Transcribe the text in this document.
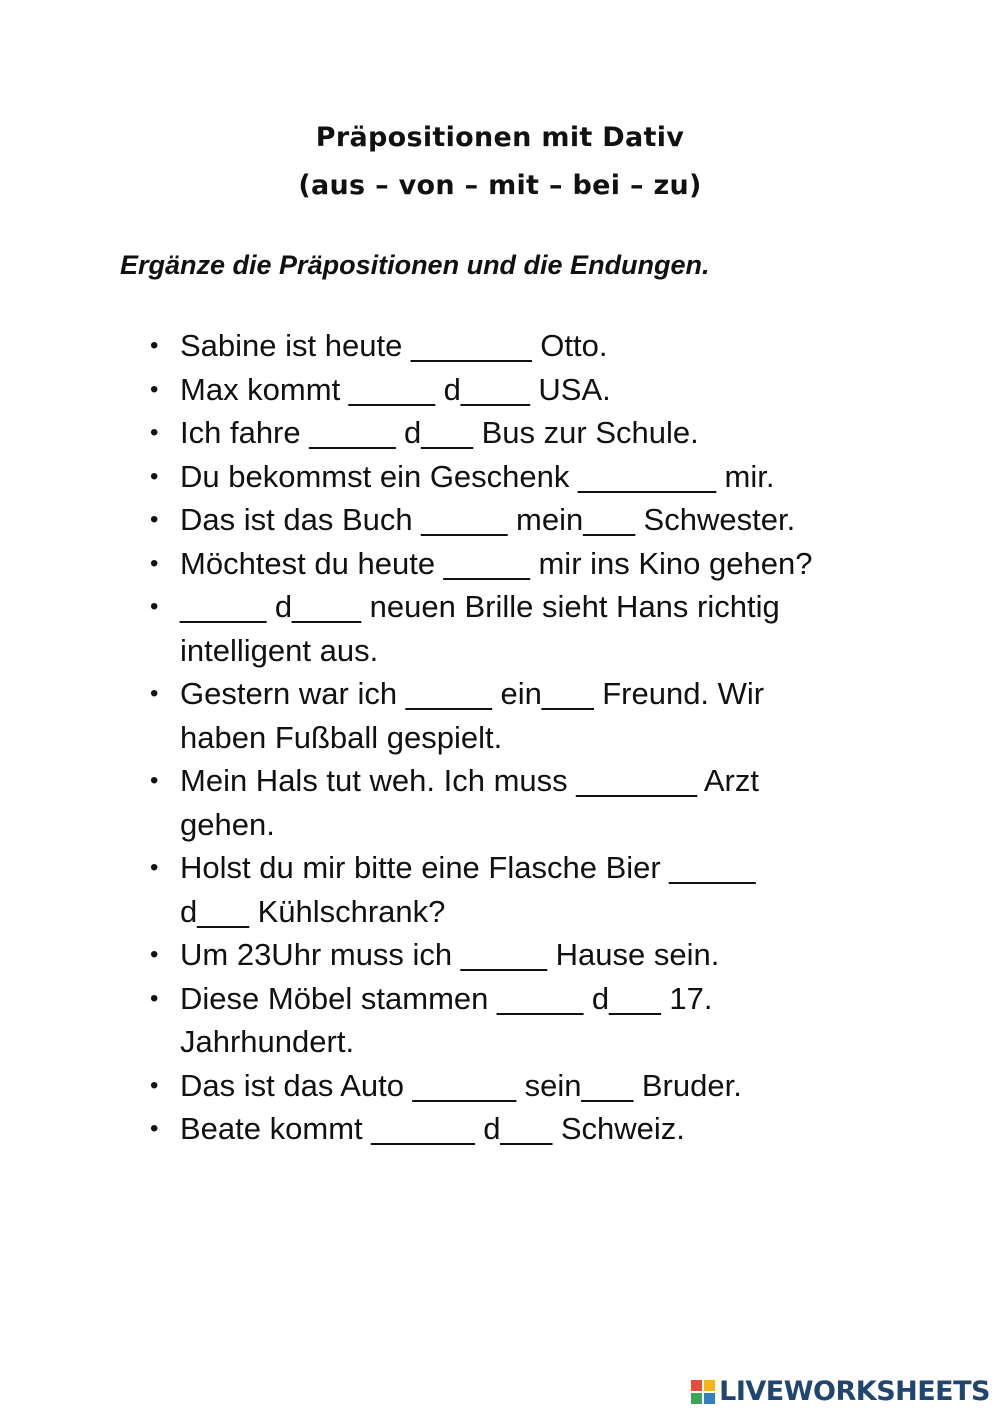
Präpositionen mit Dativ
(aus – von – mit – bei – zu)
Ergänze die Präpositionen und die Endungen.
• Sabine ist heute _______ Otto.
• Max kommt _____ d____ USA.
• Ich fahre _____ d___ Bus zur Schule.
• Du bekommst ein Geschenk ________ mir.
• Das ist das Buch _____ mein___ Schwester.
• Möchtest du heute _____ mir ins Kino gehen?
• _____ d____ neuen Brille sieht Hans richtig
intelligent aus.
• Gestern war ich _____ ein___ Freund. Wir
haben Fußball gespielt.
• Mein Hals tut weh. Ich muss _______ Arzt
gehen.
• Holst du mir bitte eine Flasche Bier _____
d___ Kühlschrank?
• Um 23Uhr muss ich _____ Hause sein.
• Diese Möbel stammen _____ d___ 17.
Jahrhundert.
• Das ist das Auto ______ sein___ Bruder.
• Beate kommt ______ d___ Schweiz.
LIVEWORKSHEETS
